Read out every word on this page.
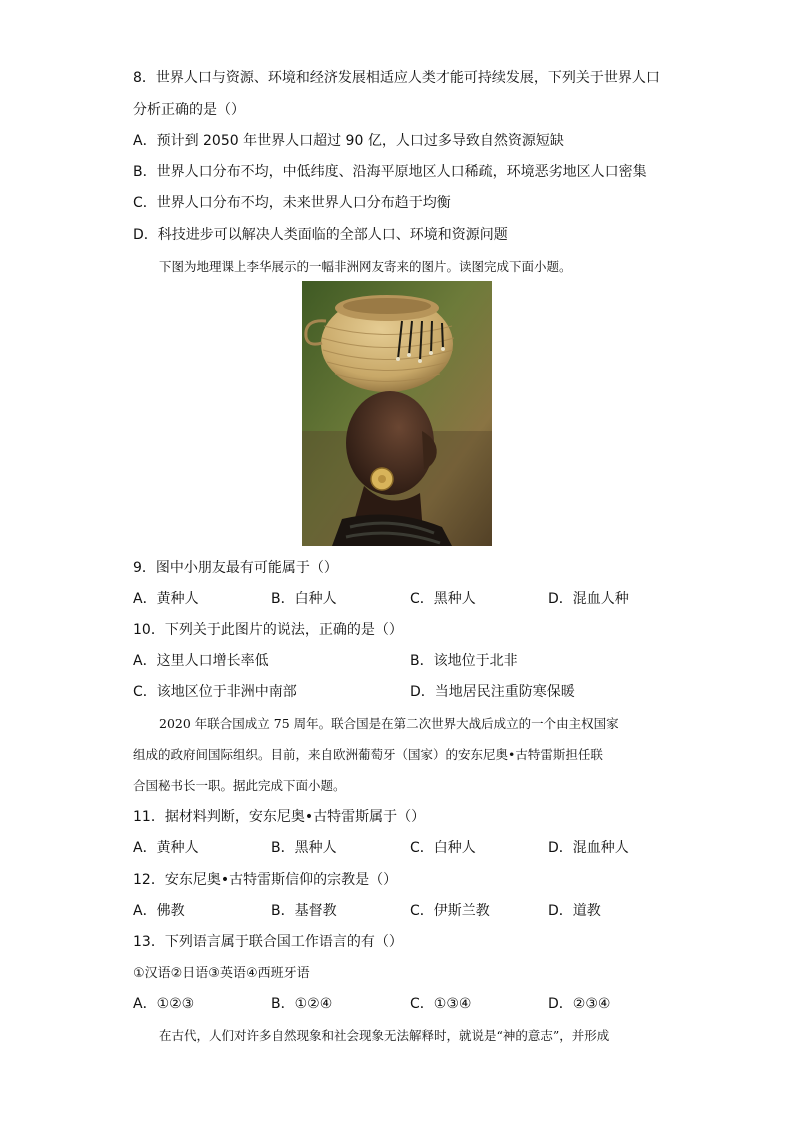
8．世界人口与资源、环境和经济发展相适应人类才能可持续发展，下列关于世界人口
分析正确的是（）
A．预计到 2050 年世界人口超过 90 亿，人口过多导致自然资源短缺
B．世界人口分布不均，中低纬度、沿海平原地区人口稀疏，环境恶劣地区人口密集
C．世界人口分布不均，未来世界人口分布趋于均衡
D．科技进步可以解决人类面临的全部人口、环境和资源问题
下图为地理课上李华展示的一幅非洲网友寄来的图片。读图完成下面小题。
9．图中小朋友最有可能属于（）
A．黄种人	B．白种人	C．黑种人	D．混血人种
10．下列关于此图片的说法，正确的是（）
A．这里人口增长率低	B．该地位于北非
C．该地区位于非洲中南部	D．当地居民注重防寒保暖
2020 年联合国成立 75 周年。联合国是在第二次世界大战后成立的一个由主权国家
组成的政府间国际组织。目前，来自欧洲葡萄牙（国家）的安东尼奥•古特雷斯担任联
合国秘书长一职。据此完成下面小题。
11．据材料判断，安东尼奥•古特雷斯属于（）
A．黄种人	B．黑种人	C．白种人	D．混血种人
12．安东尼奥•古特雷斯信仰的宗教是（）
A．佛教	B．基督教	C．伊斯兰教	D．道教
13．下列语言属于联合国工作语言的有（）
①汉语②日语③英语④西班牙语
A．①②③	B．①②④	C．①③④	D．②③④
在古代，人们对许多自然现象和社会现象无法解释时，就说是“神的意志”，并形成
